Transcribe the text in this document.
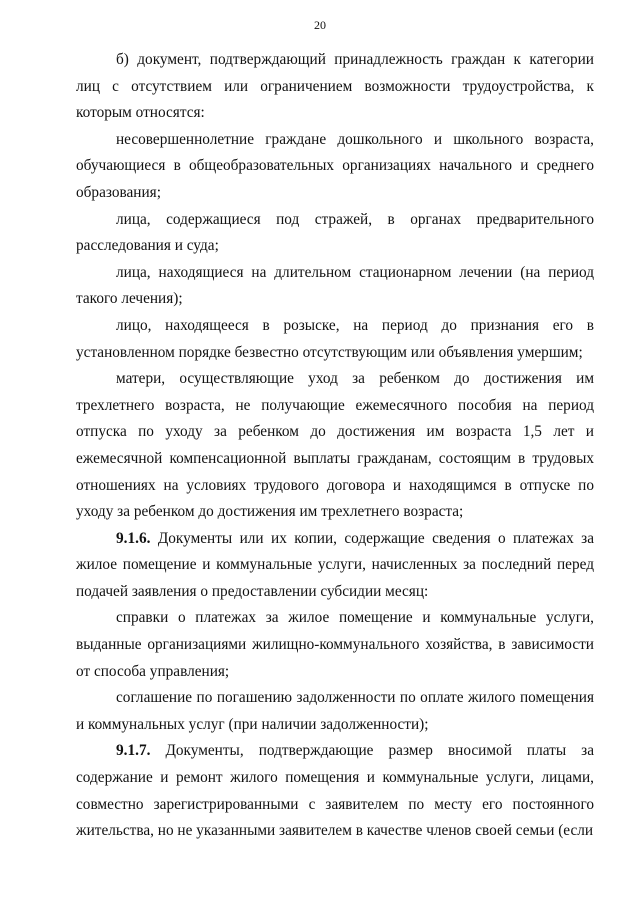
20

б) документ, подтверждающий принадлежность граждан к категории лиц с отсутствием или ограничением возможности трудоустройства, к которым относятся:

несовершеннолетние граждане дошкольного и школьного возраста, обучающиеся в общеобразовательных организациях начального и среднего образования;

лица, содержащиеся под стражей, в органах предварительного расследования и суда;

лица, находящиеся на длительном стационарном лечении (на период такого лечения);

лицо, находящееся в розыске, на период до признания его в установленном порядке безвестно отсутствующим или объявления умершим;

матери, осуществляющие уход за ребенком до достижения им трехлетнего возраста, не получающие ежемесячного пособия на период отпуска по уходу за ребенком до достижения им возраста 1,5 лет и ежемесячной компенсационной выплаты гражданам, состоящим в трудовых отношениях на условиях трудового договора и находящимся в отпуске по уходу за ребенком до достижения им трехлетнего возраста;

9.1.6. Документы или их копии, содержащие сведения о платежах за жилое помещение и коммунальные услуги, начисленных за последний перед подачей заявления о предоставлении субсидии месяц:

справки о платежах за жилое помещение и коммунальные услуги, выданные организациями жилищно-коммунального хозяйства, в зависимости от способа управления;

соглашение по погашению задолженности по оплате жилого помещения и коммунальных услуг (при наличии задолженности);

9.1.7. Документы, подтверждающие размер вносимой платы за содержание и ремонт жилого помещения и коммунальные услуги, лицами, совместно зарегистрированными с заявителем по месту его постоянного жительства, но не указанными заявителем в качестве членов своей семьи (если
